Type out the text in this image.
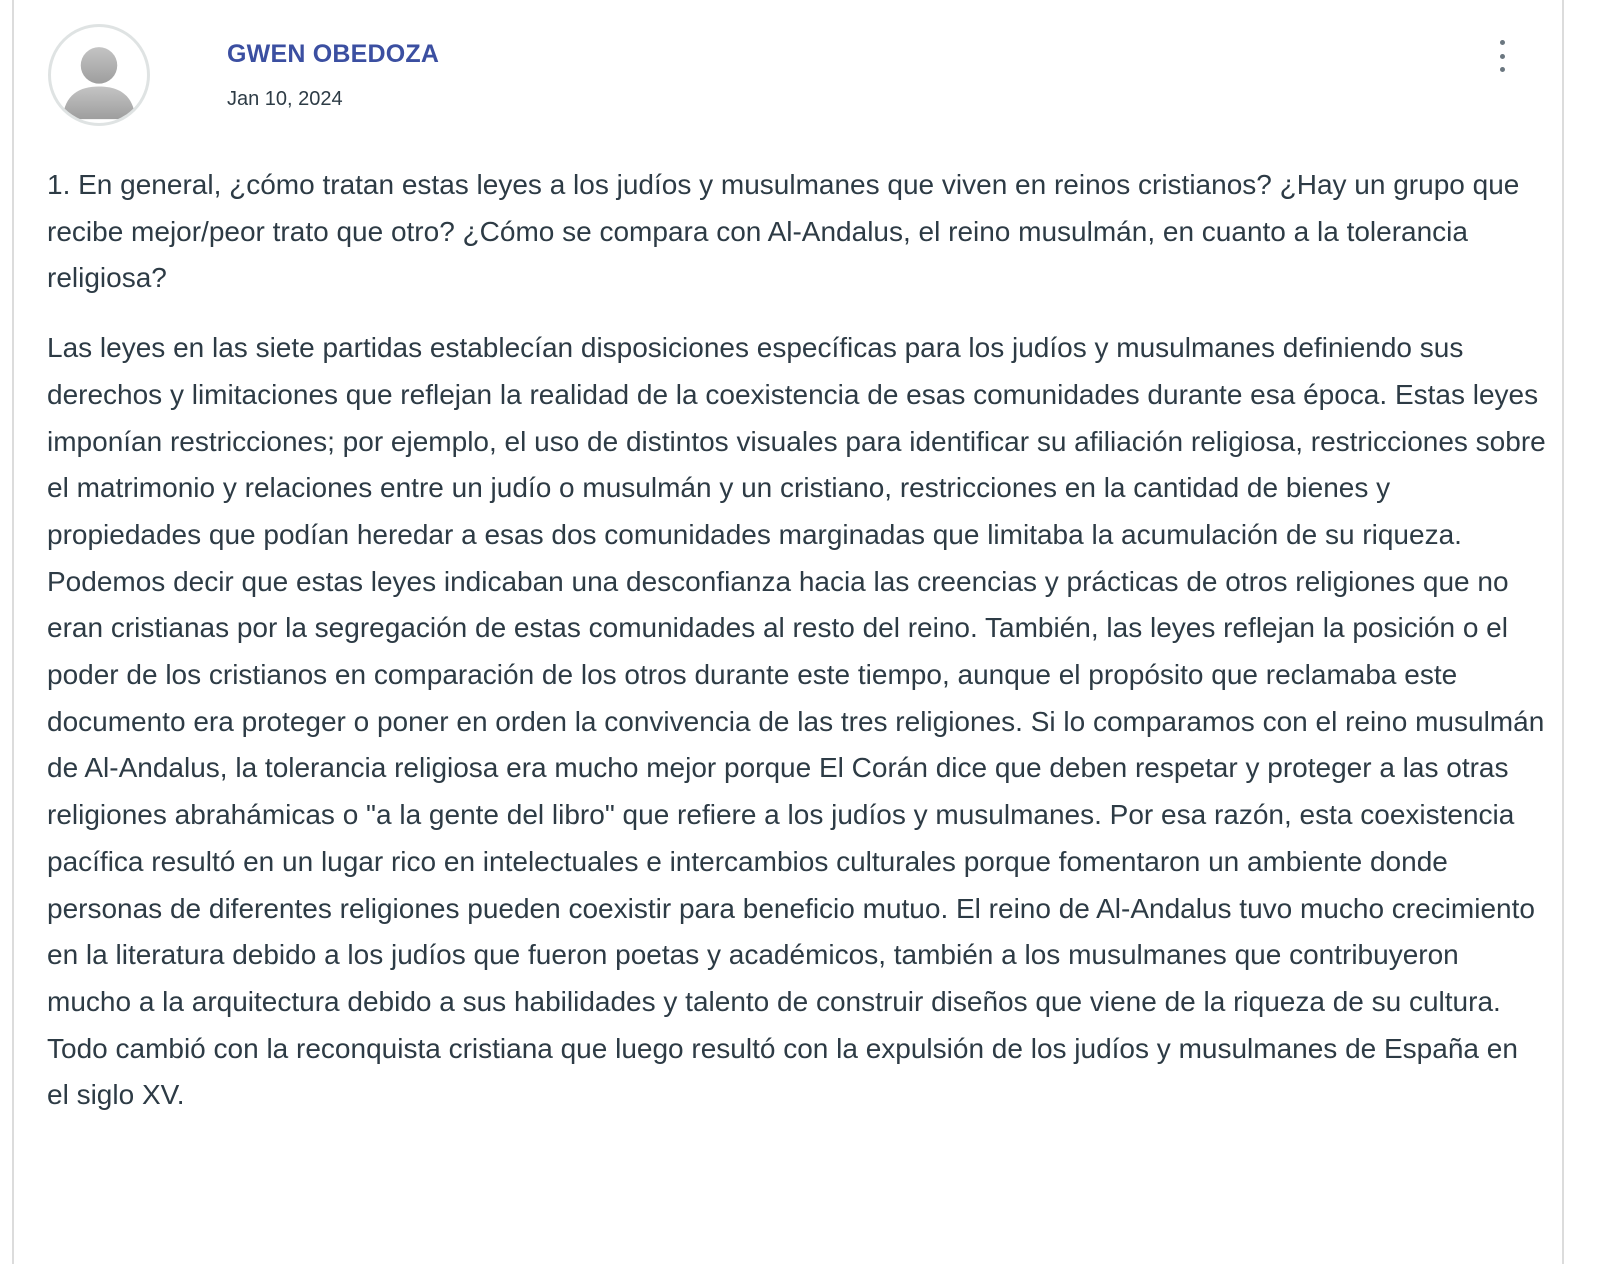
GWEN OBEDOZA
Jan 10, 2024

1. En general, ¿cómo tratan estas leyes a los judíos y musulmanes que viven en reinos cristianos? ¿Hay un grupo que recibe mejor/peor trato que otro? ¿Cómo se compara con Al-Andalus, el reino musulmán, en cuanto a la tolerancia religiosa?

Las leyes en las siete partidas establecían disposiciones específicas para los judíos y musulmanes definiendo sus derechos y limitaciones que reflejan la realidad de la coexistencia de esas comunidades durante esa época. Estas leyes imponían restricciones; por ejemplo, el uso de distintos visuales para identificar su afiliación religiosa, restricciones sobre el matrimonio y relaciones entre un judío o musulmán y un cristiano, restricciones en la cantidad de bienes y propiedades que podían heredar a esas dos comunidades marginadas que limitaba la acumulación de su riqueza. Podemos decir que estas leyes indicaban una desconfianza hacia las creencias y prácticas de otros religiones que no eran cristianas por la segregación de estas comunidades al resto del reino. También, las leyes reflejan la posición o el poder de los cristianos en comparación de los otros durante este tiempo, aunque el propósito que reclamaba este documento era proteger o poner en orden la convivencia de las tres religiones. Si lo comparamos con el reino musulmán de Al-Andalus, la tolerancia religiosa era mucho mejor porque El Corán dice que deben respetar y proteger a las otras religiones abrahámicas o "a la gente del libro" que refiere a los judíos y musulmanes. Por esa razón, esta coexistencia pacífica resultó en un lugar rico en intelectuales e intercambios culturales porque fomentaron un ambiente donde personas de diferentes religiones pueden coexistir para beneficio mutuo. El reino de Al-Andalus tuvo mucho crecimiento en la literatura debido a los judíos que fueron poetas y académicos, también a los musulmanes que contribuyeron mucho a la arquitectura debido a sus habilidades y talento de construir diseños que viene de la riqueza de su cultura. Todo cambió con la reconquista cristiana que luego resultó con la expulsión de los judíos y musulmanes de España en el siglo XV.
